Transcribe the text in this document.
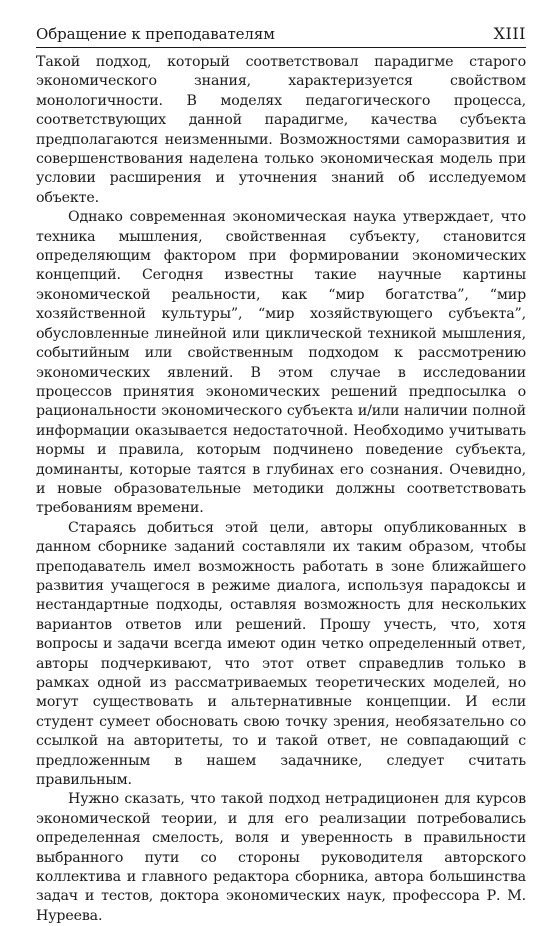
Обращение к преподавателям	XIII

Такой подход, который соответствовал парадигме старого экономического знания, характеризуется свойством монологичности. В моделях педагогического процесса, соответствующих данной парадигме, качества субъекта предполагаются неизменными. Возможностями саморазвития и совершенствования наделена только экономическая модель при условии расширения и уточнения знаний об исследуемом объекте.

Однако современная экономическая наука утверждает, что техника мышления, свойственная субъекту, становится определяющим фактором при формировании экономических концепций. Сегодня известны такие научные картины экономической реальности, как “мир богатства”, “мир хозяйственной культуры”, “мир хозяйствующего субъекта”, обусловленные линейной или циклической техникой мышления, событийным или свойственным подходом к рассмотрению экономических явлений. В этом случае в исследовании процессов принятия экономических решений предпосылка о рациональности экономического субъекта и/или наличии полной информации оказывается недостаточной. Необходимо учитывать нормы и правила, которым подчинено поведение субъекта, доминанты, которые таятся в глубинах его сознания. Очевидно, и новые образовательные методики должны соответствовать требованиям времени.

Стараясь добиться этой цели, авторы опубликованных в данном сборнике заданий составляли их таким образом, чтобы преподаватель имел возможность работать в зоне ближайшего развития учащегося в режиме диалога, используя парадоксы и нестандартные подходы, оставляя возможность для нескольких вариантов ответов или решений. Прошу учесть, что, хотя вопросы и задачи всегда имеют один четко определенный ответ, авторы подчеркивают, что этот ответ справедлив только в рамках одной из рассматриваемых теоретических моделей, но могут существовать и альтернативные концепции. И если студент сумеет обосновать свою точку зрения, необязательно со ссылкой на авторитеты, то и такой ответ, не совпадающий с предложенным в нашем задачнике, следует считать правильным.

Нужно сказать, что такой подход нетрадиционен для курсов экономической теории, и для его реализации потребовались определенная смелость, воля и уверенность в правильности выбранного пути со стороны руководителя авторского коллектива и главного редактора сборника, автора большинства задач и тестов, доктора экономических наук, профессора Р. М. Нуреева.
